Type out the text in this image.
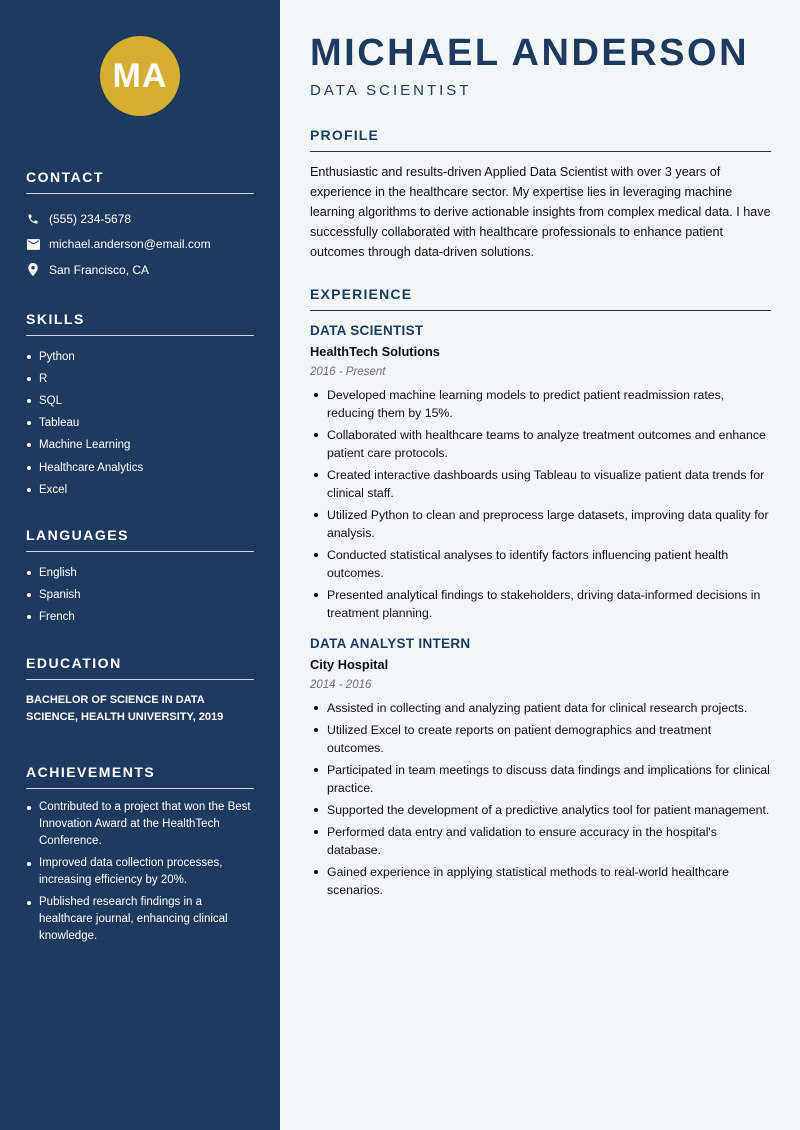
MA
CONTACT
(555) 234-5678
michael.anderson@email.com
San Francisco, CA
SKILLS
Python
R
SQL
Tableau
Machine Learning
Healthcare Analytics
Excel
LANGUAGES
English
Spanish
French
EDUCATION
BACHELOR OF SCIENCE IN DATA SCIENCE, HEALTH UNIVERSITY, 2019
ACHIEVEMENTS
Contributed to a project that won the Best Innovation Award at the HealthTech Conference.
Improved data collection processes, increasing efficiency by 20%.
Published research findings in a healthcare journal, enhancing clinical knowledge.
MICHAEL ANDERSON
DATA SCIENTIST
PROFILE

Enthusiastic and results-driven Applied Data Scientist with over 3 years of experience in the healthcare sector. My expertise lies in leveraging machine learning algorithms to derive actionable insights from complex medical data. I have successfully collaborated with healthcare professionals to enhance patient outcomes through data-driven solutions.

EXPERIENCE
DATA SCIENTIST
HealthTech Solutions
2016 - Present
Developed machine learning models to predict patient readmission rates, reducing them by 15%.
Collaborated with healthcare teams to analyze treatment outcomes and enhance patient care protocols.
Created interactive dashboards using Tableau to visualize patient data trends for clinical staff.
Utilized Python to clean and preprocess large datasets, improving data quality for analysis.
Conducted statistical analyses to identify factors influencing patient health outcomes.
Presented analytical findings to stakeholders, driving data-informed decisions in treatment planning.
DATA ANALYST INTERN
City Hospital
2014 - 2016
Assisted in collecting and analyzing patient data for clinical research projects.
Utilized Excel to create reports on patient demographics and treatment outcomes.
Participated in team meetings to discuss data findings and implications for clinical practice.
Supported the development of a predictive analytics tool for patient management.
Performed data entry and validation to ensure accuracy in the hospital's database.
Gained experience in applying statistical methods to real-world healthcare scenarios.
